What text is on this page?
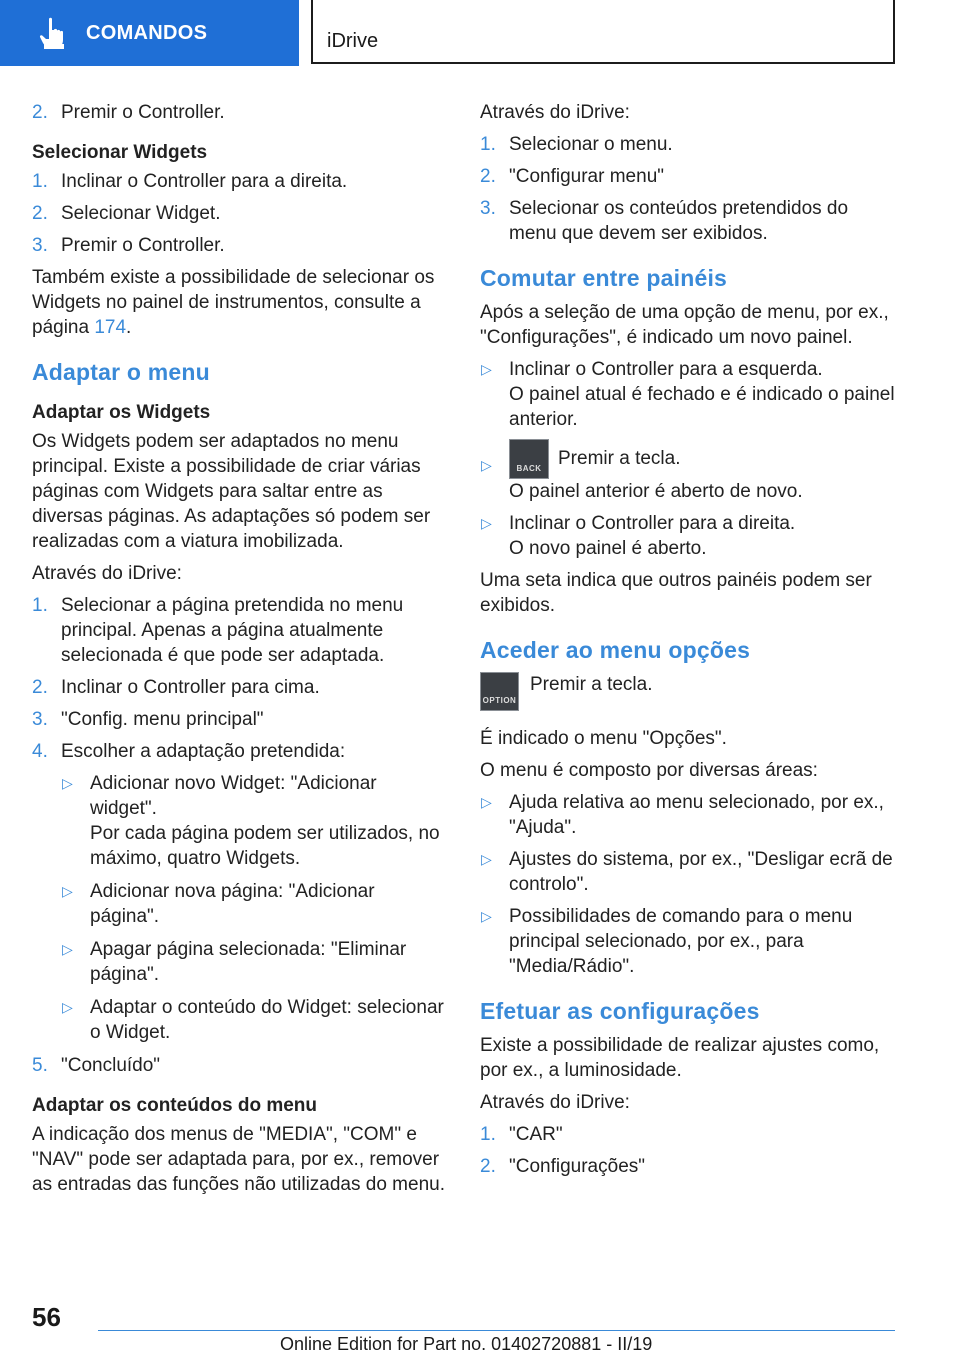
COMANDOS	iDrive
2. Premir o Controller.
Selecionar Widgets
1. Inclinar o Controller para a direita.
2. Selecionar Widget.
3. Premir o Controller.

Também existe a possibilidade de selecionar os Widgets no painel de instrumentos, consulte a página 174.

Adaptar o menu
Adaptar os Widgets

Os Widgets podem ser adaptados no menu principal. Existe a possibilidade de criar várias páginas com Widgets para saltar entre as diversas páginas. As adaptações só podem ser realizadas com a viatura imobilizada.

Através do iDrive:

1. Selecionar a página pretendida no menu principal. Apenas a página atualmente selecionada é que pode ser adaptada.
2. Inclinar o Controller para cima.
3. "Config. menu principal"
4. Escolher a adaptação pretendida:
▷ Adicionar novo Widget: "Adicionar widget".

Por cada página podem ser utilizados, no máximo, quatro Widgets.

▷ Adicionar nova página: "Adicionar página".
▷ Apagar página selecionada: "Eliminar página".
▷ Adaptar o conteúdo do Widget: selecionar o Widget.
5. "Concluído"
Adaptar os conteúdos do menu

A indicação dos menus de "MEDIA", "COM" e "NAV" pode ser adaptada para, por ex., remover as entradas das funções não utilizadas do menu.

Através do iDrive:

1. Selecionar o menu.
2. "Configurar menu"
3. Selecionar os conteúdos pretendidos do menu que devem ser exibidos.
Comutar entre painéis

Após a seleção de uma opção de menu, por ex., "Configurações", é indicado um novo painel.

▷ Inclinar o Controller para a esquerda.

O painel atual é fechado e é indicado o painel anterior.

▷	BACK Premir a tecla.

O painel anterior é aberto de novo.

▷ Inclinar o Controller para a direita.

O novo painel é aberto.

Uma seta indica que outros painéis podem ser exibidos.

Aceder ao menu opções
OPTION
Premir a tecla.

É indicado o menu "Opções".

O menu é composto por diversas áreas:

▷ Ajuda relativa ao menu selecionado, por ex., "Ajuda".
▷ Ajustes do sistema, por ex., "Desligar ecrã de controlo".
▷ Possibilidades de comando para o menu principal selecionado, por ex., para "Media/Rádio".
Efetuar as configurações

Existe a possibilidade de realizar ajustes como, por ex., a luminosidade.

Através do iDrive:

1. "CAR"
2. "Configurações"
56
Online Edition for Part no. 01402720881 - II/19
